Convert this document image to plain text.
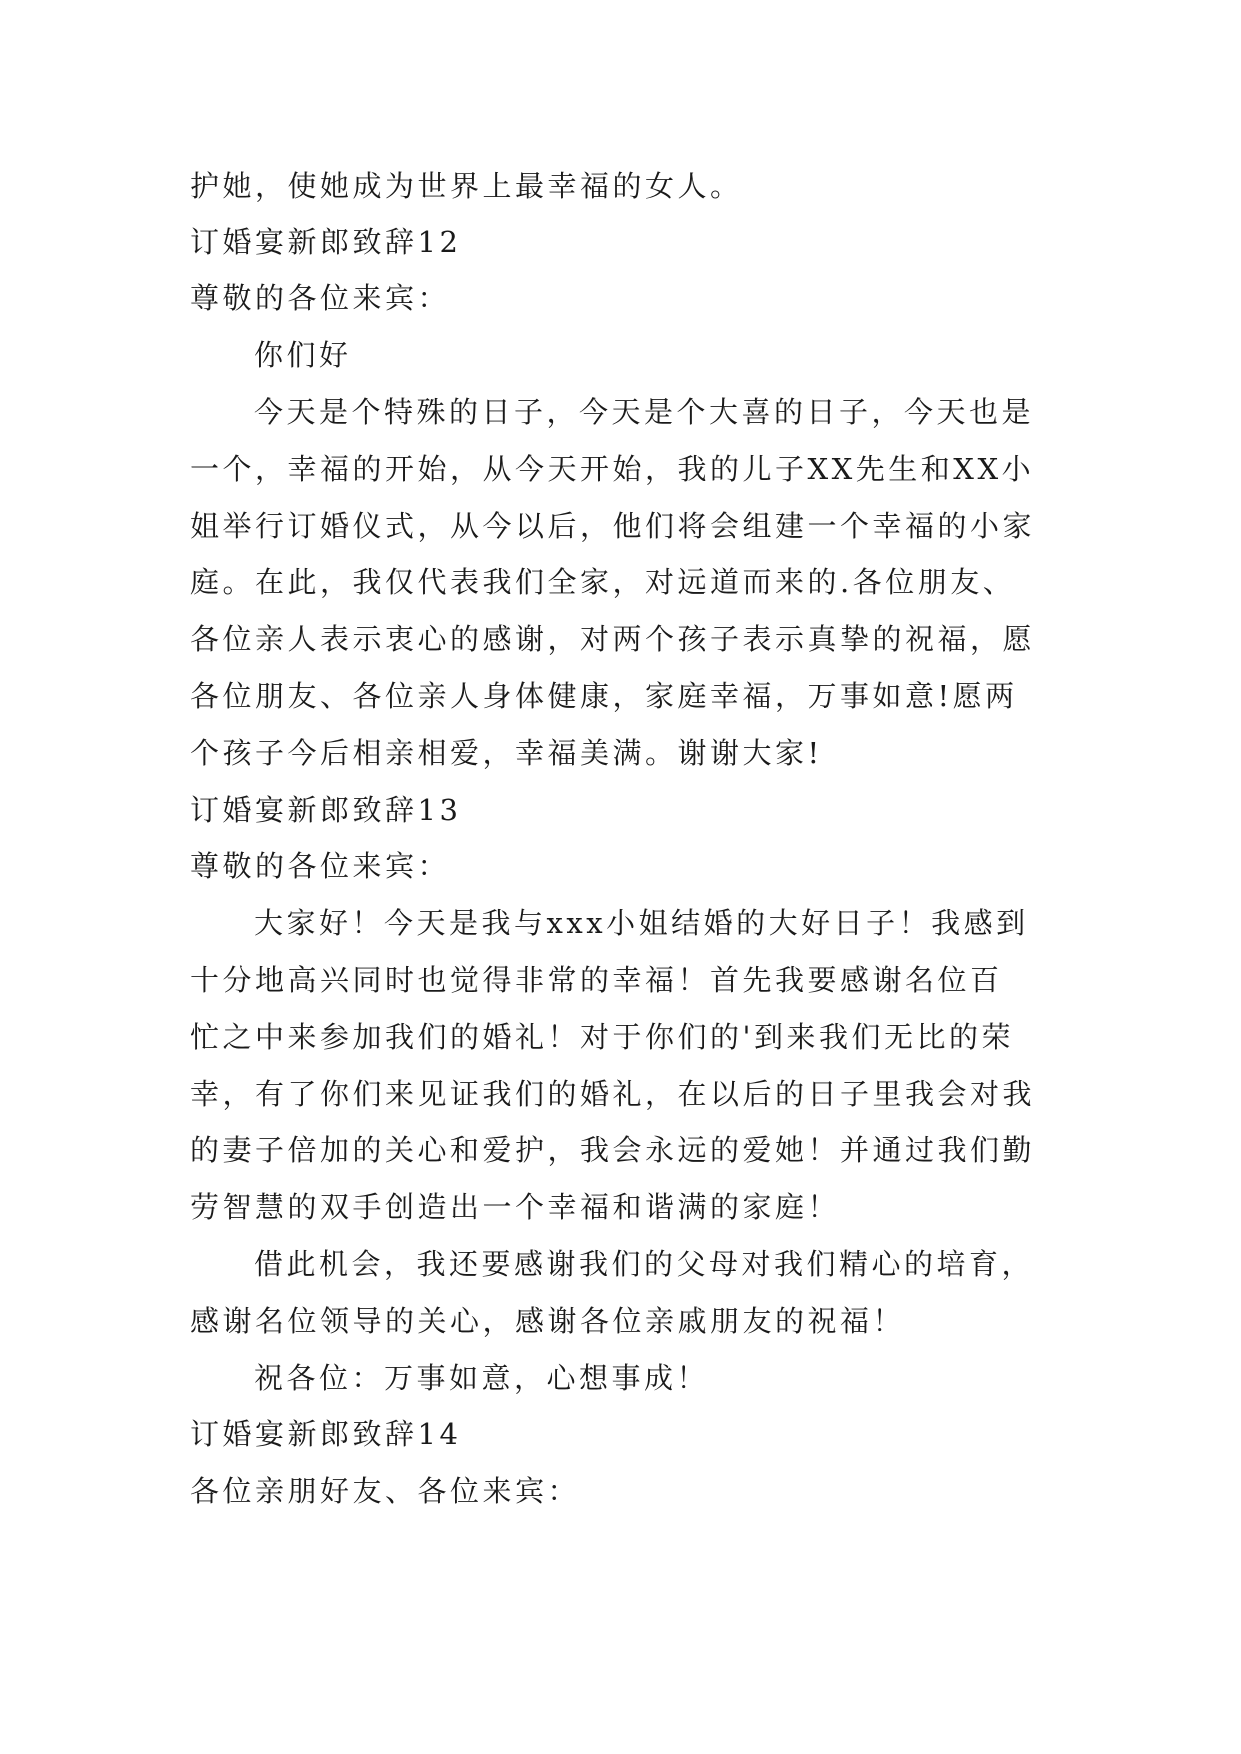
护她，使她成为世界上最幸福的女人。
订婚宴新郎致辞12
尊敬的各位来宾：
你们好
今天是个特殊的日子，今天是个大喜的日子，今天也是
一个，幸福的开始，从今天开始，我的儿子XX先生和XX小
姐举行订婚仪式，从今以后，他们将会组建一个幸福的小家
庭。在此，我仅代表我们全家，对远道而来的.各位朋友、
各位亲人表示衷心的感谢，对两个孩子表示真挚的祝福，愿
各位朋友、各位亲人身体健康，家庭幸福，万事如意!愿两
个孩子今后相亲相爱，幸福美满。谢谢大家!
订婚宴新郎致辞13
尊敬的各位来宾：
大家好！今天是我与xxx小姐结婚的大好日子！我感到
十分地高兴同时也觉得非常的幸福！首先我要感谢名位百
忙之中来参加我们的婚礼！对于你们的'到来我们无比的荣
幸，有了你们来见证我们的婚礼，在以后的日子里我会对我
的妻子倍加的关心和爱护，我会永远的爱她！并通过我们勤
劳智慧的双手创造出一个幸福和谐满的家庭！
借此机会，我还要感谢我们的父母对我们精心的培育，
感谢名位领导的关心，感谢各位亲戚朋友的祝福！
祝各位：万事如意，心想事成！
订婚宴新郎致辞14
各位亲朋好友、各位来宾：
